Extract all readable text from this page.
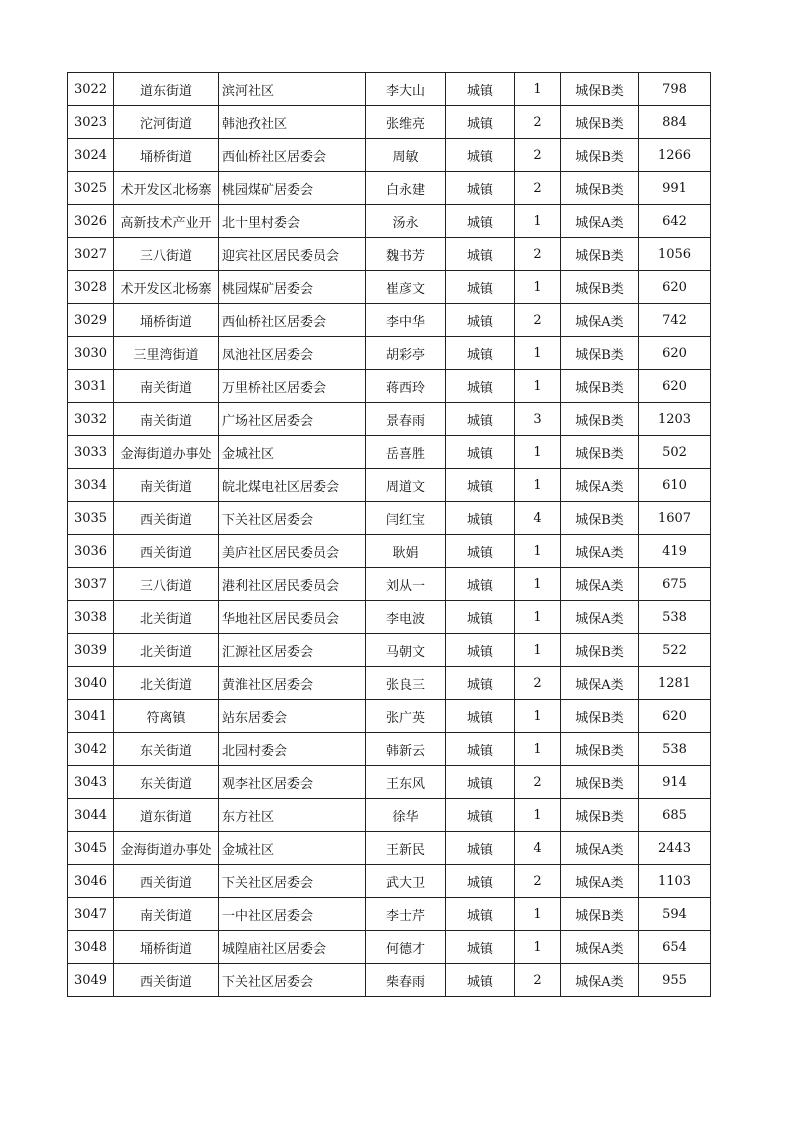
3022	道东街道	滨河社区	李大山	城镇	1	城保B类	798

3023	沱河街道	韩池孜社区	张维亮	城镇	2	城保B类	884

3024	埇桥街道	西仙桥社区居委会	周敏	城镇	2	城保B类	1266

3025	术开发区北杨寨	桃园煤矿居委会	白永建	城镇	2	城保B类	991

3026	高新技术产业开	北十里村委会	汤永	城镇	1	城保A类	642

3027	三八街道	迎宾社区居民委员会	魏书芳	城镇	2	城保B类	1056

3028	术开发区北杨寨	桃园煤矿居委会	崔彦文	城镇	1	城保B类	620

3029	埇桥街道	西仙桥社区居委会	李中华	城镇	2	城保A类	742

3030	三里湾街道	凤池社区居委会	胡彩亭	城镇	1	城保B类	620

3031	南关街道	万里桥社区居委会	蒋西玲	城镇	1	城保B类	620

3032	南关街道	广场社区居委会	景春雨	城镇	3	城保B类	1203

3033	金海街道办事处	金城社区	岳喜胜	城镇	1	城保B类	502

3034	南关街道	皖北煤电社区居委会	周道文	城镇	1	城保A类	610

3035	西关街道	下关社区居委会	闫红宝	城镇	4	城保B类	1607

3036	西关街道	美庐社区居民委员会	耿娟	城镇	1	城保A类	419

3037	三八街道	港利社区居民委员会	刘从一	城镇	1	城保A类	675

3038	北关街道	华地社区居民委员会	李电波	城镇	1	城保A类	538

3039	北关街道	汇源社区居委会	马朝文	城镇	1	城保B类	522

3040	北关街道	黄淮社区居委会	张良三	城镇	2	城保A类	1281

3041	符离镇	站东居委会	张广英	城镇	1	城保B类	620

3042	东关街道	北园村委会	韩新云	城镇	1	城保B类	538

3043	东关街道	观李社区居委会	王东风	城镇	2	城保B类	914

3044	道东街道	东方社区	徐华	城镇	1	城保B类	685

3045	金海街道办事处	金城社区	王新民	城镇	4	城保A类	2443

3046	西关街道	下关社区居委会	武大卫	城镇	2	城保A类	1103

3047	南关街道	一中社区居委会	李士芹	城镇	1	城保B类	594

3048	埇桥街道	城隍庙社区居委会	何德才	城镇	1	城保A类	654

3049	西关街道	下关社区居委会	柴春雨	城镇	2	城保A类	955
